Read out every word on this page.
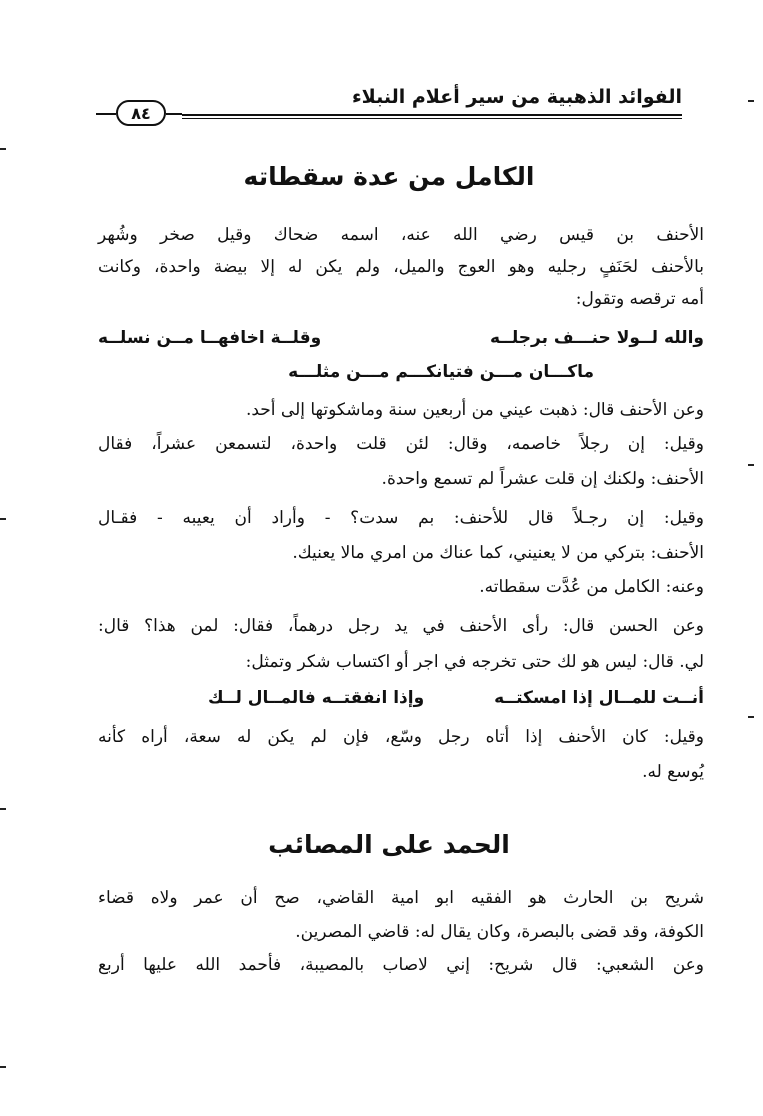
الفوائد الذهبية من سير أعلام النبلاء
٨٤
الكامل من عدة سقطاته
الأحنف بن قيس رضي الله عنه، اسمه ضحاك وقيل صخر وشُهر
بالأحنف لحَنَفٍ رجليه وهو العوج والميل، ولم يكن له إلا بيضة واحدة، وكانت
أمه ترقصه وتقول:
والله لــولا حنـــف برجلــه
وقلــة اخافهــا مــن نسلــه
ماكـــان مـــن فتيانكـــم مـــن مثلـــه
وعن الأحنف قال: ذهبت عيني من أربعين سنة وماشكوتها إلى أحد.
وقيل: إن رجلاً خاصمه، وقال: لئن قلت واحدة، لتسمعن عشراً، فقال
الأحنف: ولكنك إن قلت عشراً لم تسمع واحدة.
وقيل: إن رجـلاً قال للأحنف: بم سدت؟ - وأراد أن يعيبه - فقـال
الأحنف: بتركي من لا يعنيني، كما عناك من امري مالا يعنيك.
وعنه: الكامل من عُدَّت سقطاته.
وعن الحسن قال: رأى الأحنف في يد رجل درهماً، فقال: لمن هذا؟ قال:
لي. قال: ليس هو لك حتى تخرجه في اجر أو اكتساب شكر وتمثل:
أنــت للمــال إذا امسكتــه
وإذا انفقتــه فالمــال لــك
وقيل: كان الأحنف إذا أتاه رجل وسّع، فإن لم يكن له سعة، أراه كأنه
يُوسع له.
الحمد على المصائب
شريح بن الحارث هو الفقيه ابو امية القاضي، صح أن عمر ولاه قضاء
الكوفة، وقد قضى بالبصرة، وكان يقال له: قاضي المصرين.
وعن الشعبي: قال شريح: إني لاصاب بالمصيبة، فأحمد الله عليها أربع
